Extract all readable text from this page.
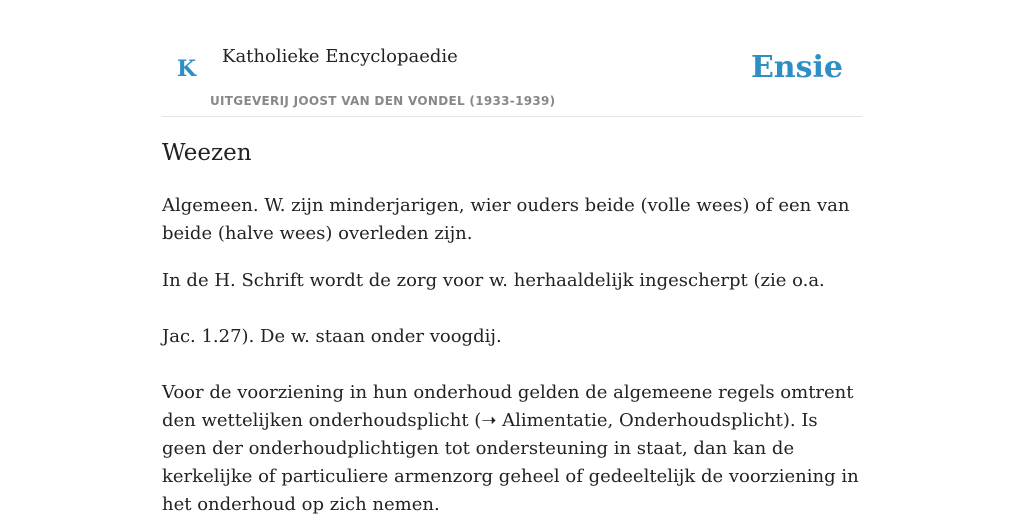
K Katholieke Encyclopaedie
UITGEVERIJ JOOST VAN DEN VONDEL (1933-1939)
Ensie
Weezen

Algemeen. W. zijn minderjarigen, wier ouders beide (volle wees) of een van beide (halve wees) overleden zijn.

In de H. Schrift wordt de zorg voor w. herhaaldelijk ingescherpt (zie o.a.

Jac. 1.27). De w. staan onder voogdij.

Voor de voorziening in hun onderhoud gelden de algemeene regels omtrent den wettelijken onderhoudsplicht (➝ Alimentatie, Onderhoudsplicht). Is geen der onderhoudplichtigen tot ondersteuning in staat, dan kan de kerkelijke of particuliere armenzorg geheel of gedeeltelijk de voorziening in het onderhoud op zich nemen.
